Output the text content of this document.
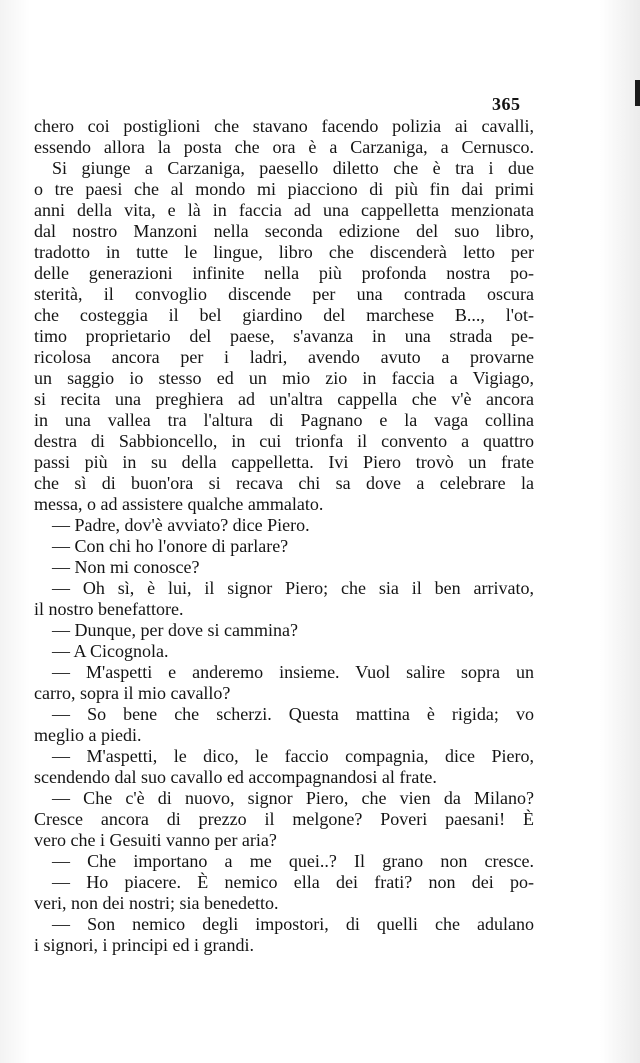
365
chero coi postiglioni che stavano facendo polizia ai cavalli,
essendo allora la posta che ora è a Carzaniga, a Cernusco.
Si giunge a Carzaniga, paesello diletto che è tra i due
o tre paesi che al mondo mi piacciono di più fin dai primi
anni della vita, e là in faccia ad una cappelletta menzionata
dal nostro Manzoni nella seconda edizione del suo libro,
tradotto in tutte le lingue, libro che discenderà letto per
delle generazioni infinite nella più profonda nostra po-
sterità, il convoglio discende per una contrada oscura
che costeggia il bel giardino del marchese B..., l'ot-
timo proprietario del paese, s'avanza in una strada pe-
ricolosa ancora per i ladri, avendo avuto a provarne
un saggio io stesso ed un mio zio in faccia a Vigiago,
si recita una preghiera ad un'altra cappella che v'è ancora
in una vallea tra l'altura di Pagnano e la vaga collina
destra di Sabbioncello, in cui trionfa il convento a quattro
passi più in su della cappelletta. Ivi Piero trovò un frate
che sì di buon'ora si recava chi sa dove a celebrare la
messa, o ad assistere qualche ammalato.
— Padre, dov'è avviato? dice Piero.
— Con chi ho l'onore di parlare?
— Non mi conosce?
— Oh sì, è lui, il signor Piero; che sia il ben arrivato,
il nostro benefattore.
— Dunque, per dove si cammina?
— A Cicognola.
— M'aspetti e anderemo insieme. Vuol salire sopra un
carro, sopra il mio cavallo?
— So bene che scherzi. Questa mattina è rigida; vo
meglio a piedi.
— M'aspetti, le dico, le faccio compagnia, dice Piero,
scendendo dal suo cavallo ed accompagnandosi al frate.
— Che c'è di nuovo, signor Piero, che vien da Milano?
Cresce ancora di prezzo il melgone? Poveri paesani! È
vero che i Gesuiti vanno per aria?
— Che importano a me quei..? Il grano non cresce.
— Ho piacere. È nemico ella dei frati? non dei po-
veri, non dei nostri; sia benedetto.
— Son nemico degli impostori, di quelli che adulano
i signori, i principi ed i grandi.
